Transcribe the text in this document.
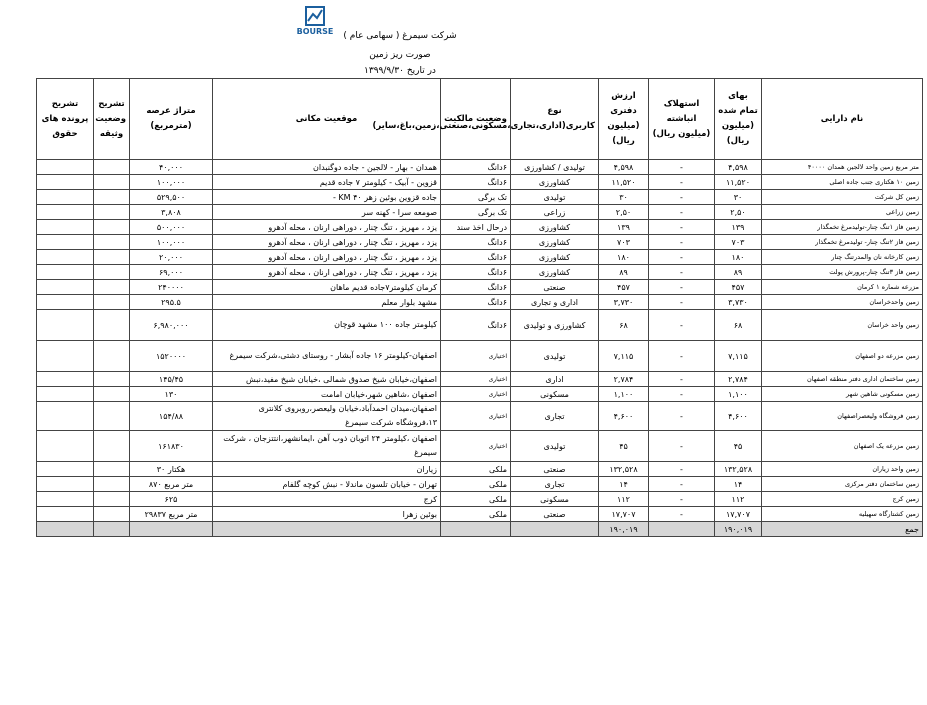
BOURSE	شرکت سیمرغ ( سهامی عام )
صورت ریز زمین
در تاریخ ۱۳۹۹/۹/۳۰
نام دارایی	بهای تمام شده (میلیون ریال)	استهلاک انباشته (میلیون ریال)	ارزش دفتری (میلیون ریال)	نوع کاربری(اداری،تجاری،مسکونی،صنعتی،زمین،باغ،سایر)	وضعیت مالکیت	موقعیت مکانی	متراژ عرصه (مترمربع)	تشریح وضعیت وثیقه	تشریح پرونده های حقوق
متر مربع زمین واحد لالجین همدان ۴۰۰۰۰	۴,۵۹۸	-	۴,۵۹۸	تولیدی / کشاورزی	۶دانگ	همدان - بهار - لالجین - جاده دوگنبدان	۴۰,۰۰۰		
زمین ۱۰ هکتاری جنب جاده اصلی	۱۱,۵۲۰	-	۱۱,۵۲۰	کشاورزی	۶دانگ	قزوین - آبیک - کیلومتر ۷ جاده قدیم	۱۰۰,۰۰۰		
زمین کل شرکت	۳۰	-	۳۰	تولیدی	تک برگی	جاده قزوین بوئین زهر KM ۴۰ -	۵۲۹,۵۰۰		
زمین زراعی	۲,۵۰	-	۲,۵۰	زراعی	تک برگی	صومعه سرا - کهنه سر	۳,۸۰۸		
زمین فاز ۱تنگ چنار-تولیدمرغ تخمگذار	۱۳۹	-	۱۳۹	کشاورزی	درحال اخذ سند	یزد ، مهریز ، تنگ چنار ، دوراهی ارنان ، محله آدهرو	۵۰۰,۰۰۰		
زمین فاز ۲تنگ چنار- تولیدمرغ تخمگذار	۷۰۳	-	۷۰۳	کشاورزی	۶دانگ	یزد ، مهریز ، تنگ چنار ، دوراهی ارنان ، محله آدهرو	۱۰۰,۰۰۰		
زمین کارخانه نان والمدرتنگ چنار	۱۸۰	-	۱۸۰	کشاورزی	۶دانگ	یزد ، مهریز ، تنگ چنار ، دوراهی ارنان ، محله آدهرو	۲۰,۰۰۰		
زمین فاز ۳تنگ چنار-پرورش پولت	۸۹	-	۸۹	کشاورزی	۶دانگ	یزد ، مهریز ، تنگ چنار ، دوراهی ارنان ، محله آدهرو	۶۹,۰۰۰		
مزرعه شماره ۱ کرمان	۴۵۷	-	۴۵۷	صنعتی	۶دانگ	کرمان کیلومتر۷جاده قدیم ماهان	۲۴۰۰۰۰		
زمین واحدخراسان	۳,۷۳۰	-	۳,۷۳۰	اداری و تجاری	۶دانگ	مشهد بلوار معلم	۲۹۵.۵		
زمین واحد خراسان	۶۸	-	۶۸	کشاورزی و تولیدی	۶دانگ	کیلومتر جاده ۱۰۰ مشهد قوچان	۶,۹۸۰,۰۰۰		
زمین مزرعه دو اصفهان	۷,۱۱۵	-	۷,۱۱۵	تولیدی	اختیاری	اصفهان-کیلومتر ۱۶ جاده آبشار - روستای دشتی،شرکت سیمرغ	۱۵۲۰۰۰۰		
زمین ساختمان اداری دفتر منطقه اصفهان	۲,۷۸۴	-	۲,۷۸۴	اداری	اختیاری	اصفهان،خیابان شیخ صدوق شمالی ،خیابان شیخ مفید،نبش	۱۴۵/۴۵		
زمین مسکونی شاهین شهر	۱,۱۰۰	-	۱,۱۰۰	مسکونی	اختیاری	اصفهان ،شاهین شهر،خیابان امامت	۱۳۰		
زمین فروشگاه ولیعصراصفهان	۴,۶۰۰	-	۴,۶۰۰	تجاری	اختیاری	اصفهان،میدان احمدآباد،خیابان ولیعصر،روبروی کلانتری ۱۳،فروشگاه شرکت سیمرغ	۱۵۴/۸۸		
زمین مزرعه یک اصفهان	۴۵	-	۴۵	تولیدی	اختیاری	اصفهان ،کیلومتر ۲۴ اتوبان ذوب آهن ،ایمانشهر،انتتزجان ، شرکت سیمرغ	۱۶۱۸۳۰		
زمین واحد زیاران	۱۳۲,۵۲۸	-	۱۳۲,۵۲۸	صنعتی	ملکی	زیاران	۳۰ هکتار		
زمین ساختمان دفتر مرکزی	۱۴	-	۱۴	تجاری	ملکی	تهران - خیابان تلسون ماندلا - نبش کوچه گلفام	۸۷۰ متر مربع		
زمین کرج	۱۱۲	-	۱۱۲	مسکونی	ملکی	کرج	۶۲۵		
زمین کشتارگاه سهیلیه	۱۷,۷۰۷	-	۱۷,۷۰۷	صنعتی	ملکی	بوئین زهرا	۲۹۸۳۷ متر مربع		
جمع	۱۹۰,۰۱۹		۱۹۰,۰۱۹						
